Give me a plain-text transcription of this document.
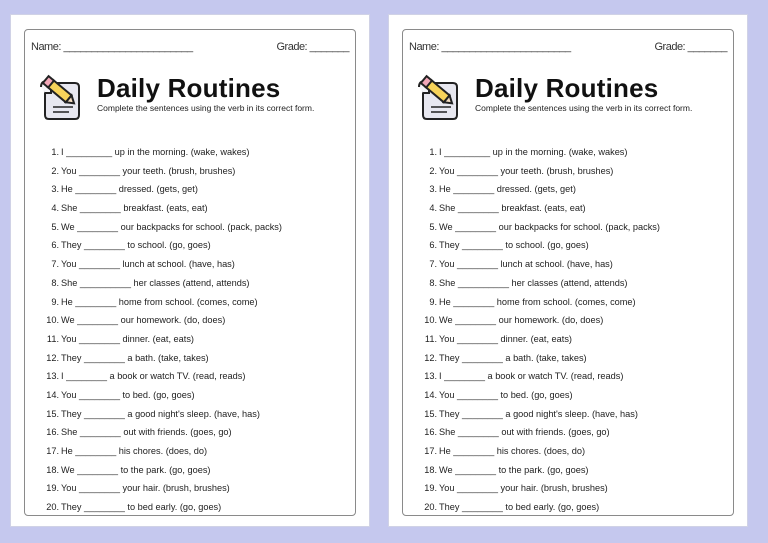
Name: _______________________	Grade: _______
Daily Routines
Complete the sentences using the verb in its correct form.
1. I _________ up in the morning. (wake, wakes)
2. You ________ your teeth. (brush, brushes)
3. He ________ dressed. (gets, get)
4. She ________ breakfast. (eats, eat)
5. We ________ our backpacks for school. (pack, packs)
6. They ________ to school. (go, goes)
7. You ________ lunch at school. (have, has)
8. She __________ her classes (attend, attends)
9. He ________ home from school. (comes, come)
10. We ________ our homework. (do, does)
11. You ________ dinner. (eat, eats)
12. They ________ a bath. (take, takes)
13. I ________ a book or watch TV. (read, reads)
14. You ________ to bed. (go, goes)
15. They ________ a good night's sleep. (have, has)
16. She ________ out with friends. (goes, go)
17. He ________ his chores. (does, do)
18. We ________ to the park. (go, goes)
19. You ________ your hair. (brush, brushes)
20. They ________ to bed early. (go, goes)
Name: _______________________	Grade: _______
Daily Routines
Complete the sentences using the verb in its correct form.
1. I _________ up in the morning. (wake, wakes)
2. You ________ your teeth. (brush, brushes)
3. He ________ dressed. (gets, get)
4. She ________ breakfast. (eats, eat)
5. We ________ our backpacks for school. (pack, packs)
6. They ________ to school. (go, goes)
7. You ________ lunch at school. (have, has)
8. She __________ her classes (attend, attends)
9. He ________ home from school. (comes, come)
10. We ________ our homework. (do, does)
11. You ________ dinner. (eat, eats)
12. They ________ a bath. (take, takes)
13. I ________ a book or watch TV. (read, reads)
14. You ________ to bed. (go, goes)
15. They ________ a good night's sleep. (have, has)
16. She ________ out with friends. (goes, go)
17. He ________ his chores. (does, do)
18. We ________ to the park. (go, goes)
19. You ________ your hair. (brush, brushes)
20. They ________ to bed early. (go, goes)
